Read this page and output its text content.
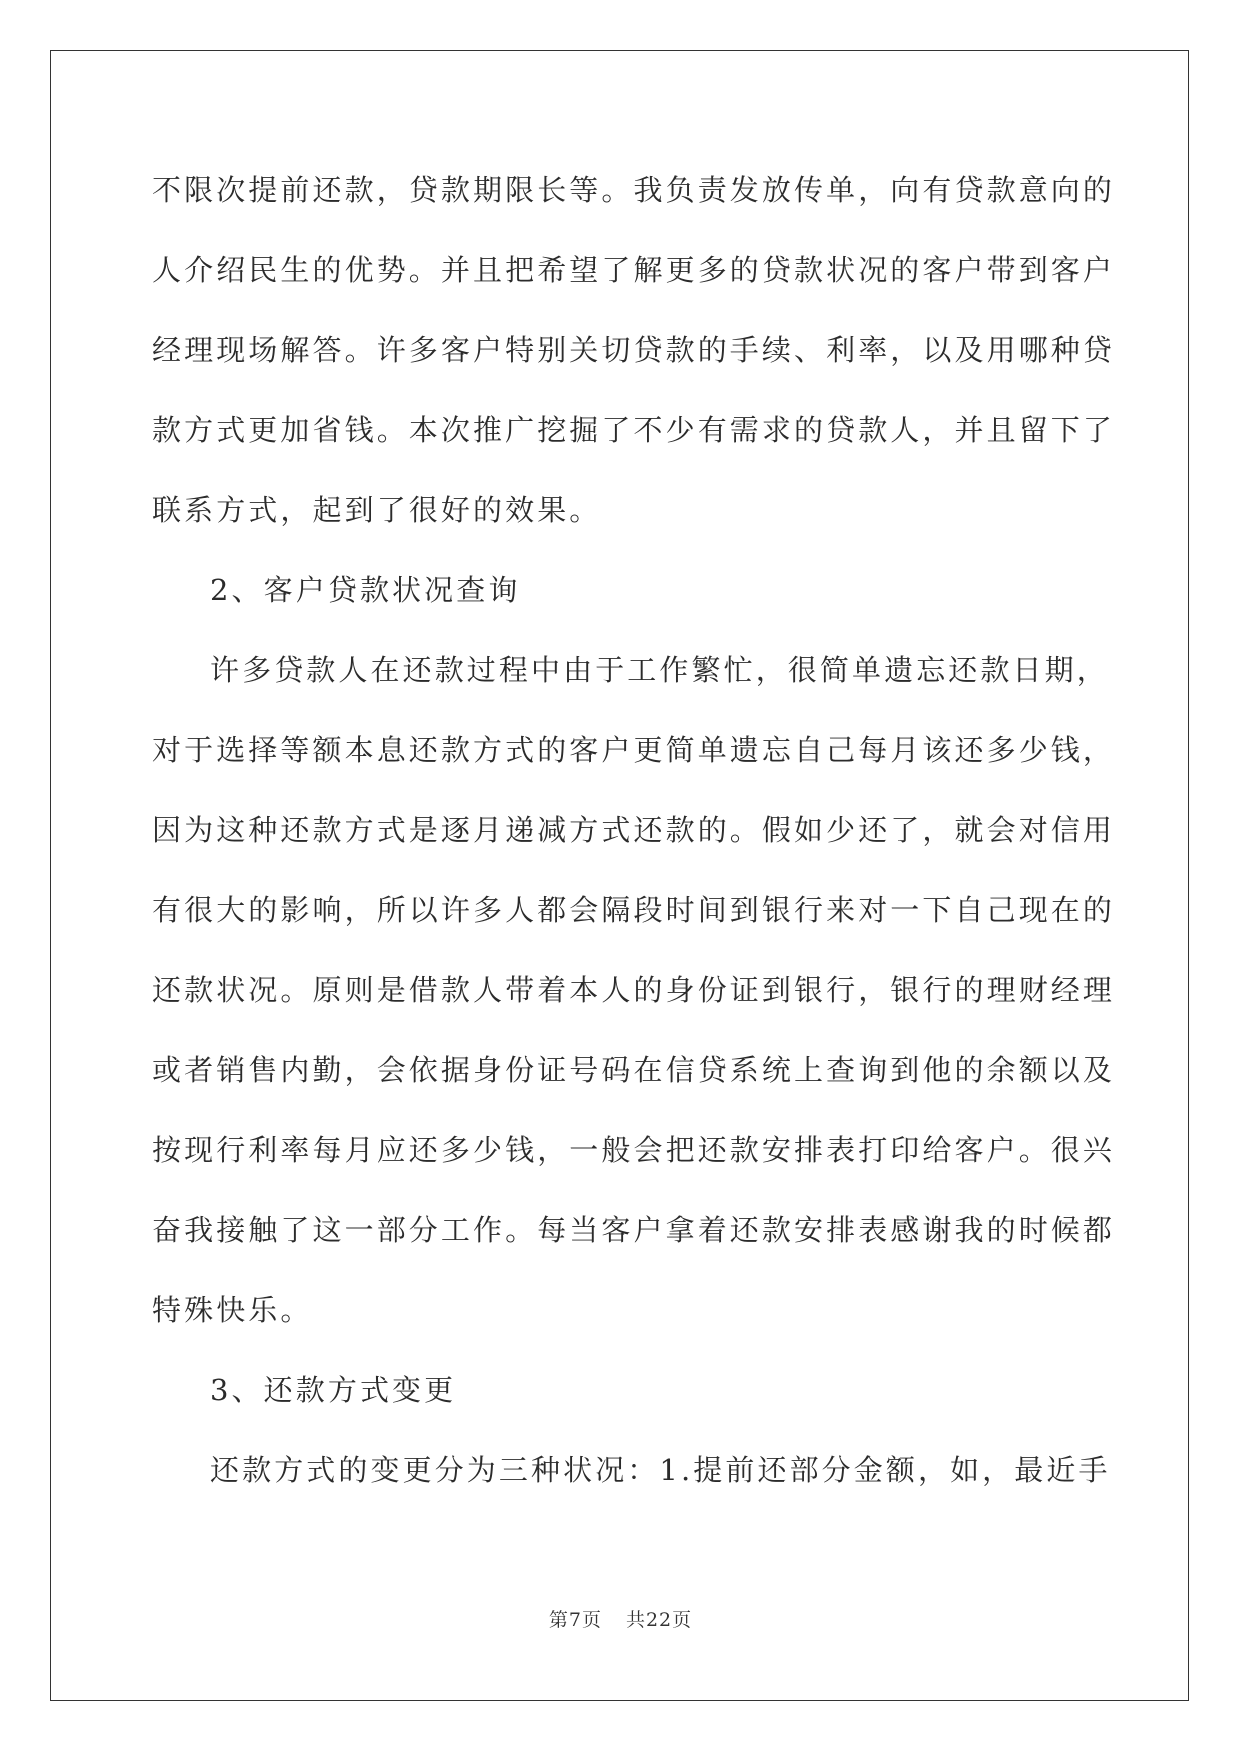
不限次提前还款，贷款期限长等。我负责发放传单，向有贷款意向的

人介绍民生的优势。并且把希望了解更多的贷款状况的客户带到客户

经理现场解答。许多客户特别关切贷款的手续、利率，以及用哪种贷

款方式更加省钱。本次推广挖掘了不少有需求的贷款人，并且留下了

联系方式，起到了很好的效果。

2、客户贷款状况查询

许多贷款人在还款过程中由于工作繁忙，很简单遗忘还款日期，

对于选择等额本息还款方式的客户更简单遗忘自己每月该还多少钱，

因为这种还款方式是逐月递减方式还款的。假如少还了，就会对信用

有很大的影响，所以许多人都会隔段时间到银行来对一下自己现在的

还款状况。原则是借款人带着本人的身份证到银行，银行的理财经理

或者销售内勤，会依据身份证号码在信贷系统上查询到他的余额以及

按现行利率每月应还多少钱，一般会把还款安排表打印给客户。很兴

奋我接触了这一部分工作。每当客户拿着还款安排表感谢我的时候都

特殊快乐。

3、还款方式变更

还款方式的变更分为三种状况：1.提前还部分金额，如，最近手

第7页 共22页
